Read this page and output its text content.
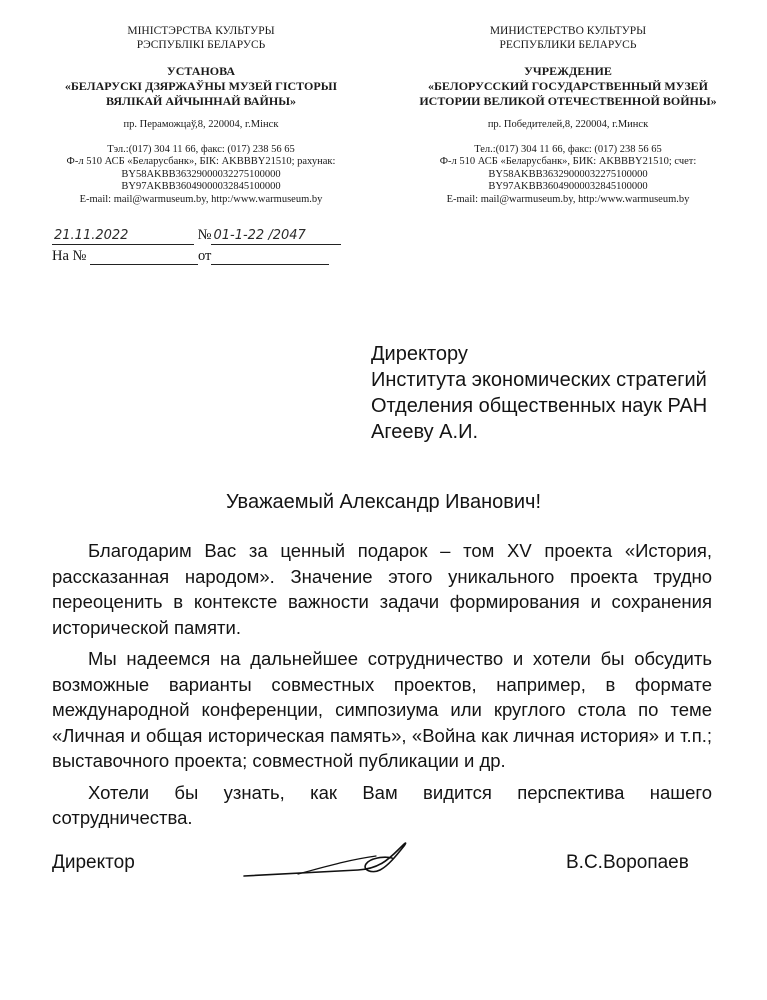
МІНІСТЭРСТВА КУЛЬТУРЫ
РЭСПУБЛІКІ БЕЛАРУСЬ
УСТАНОВА
«БЕЛАРУСКІ ДЗЯРЖАЎНЫ МУЗЕЙ ГІСТОРЫІ
ВЯЛІКАЙ АЙЧЫННАЙ ВАЙНЫ»
пр. Пераможцаў,8, 220004, г.Мінск
Тэл.:(017) 304 11 66, факс: (017) 238 56 65
Ф-л 510 АСБ «Беларусбанк», БІК: AKBBBY21510; рахунак:
BY58AKBB36329000032275100000
BY97AKBB36049000032845100000
E-mail: mail@warmuseum.by, http:/www.warmuseum.by
МИНИСТЕРСТВО КУЛЬТУРЫ
РЕСПУБЛИКИ БЕЛАРУСЬ
УЧРЕЖДЕНИЕ
«БЕЛОРУССКИЙ ГОСУДАРСТВЕННЫЙ МУЗЕЙ
ИСТОРИИ ВЕЛИКОЙ ОТЕЧЕСТВЕННОЙ ВОЙНЫ»
пр. Победителей,8, 220004, г.Минск
Тел.:(017) 304 11 66, факс: (017) 238 56 65
Ф-л 510 АСБ «Беларусбанк», БИК: AKBBBY21510; счет:
BY58AKBB36329000032275100000
BY97AKBB36049000032845100000
E-mail: mail@warmuseum.by, http:/www.warmuseum.by
21.11.2022	№ 01-1-22 /2047
На №	от
Директору
Института экономических стратегий
Отделения общественных наук РАН
Агееву А.И.
Уважаемый Александр Иванович!

Благодарим Вас за ценный подарок – том XV проекта «История, рассказанная народом». Значение этого уникального проекта трудно переоценить в контексте важности задачи формирования и сохранения исторической памяти.

Мы надеемся на дальнейшее сотрудничество и хотели бы обсудить возможные варианты совместных проектов, например, в формате международной конференции, симпозиума или круглого стола по теме «Личная и общая историческая память», «Война как личная история» и т.п.; выставочного проекта; совместной публикации и др.

Хотели бы узнать, как Вам видится перспектива нашего сотрудничества.

Директор	В.С.Воропаев
